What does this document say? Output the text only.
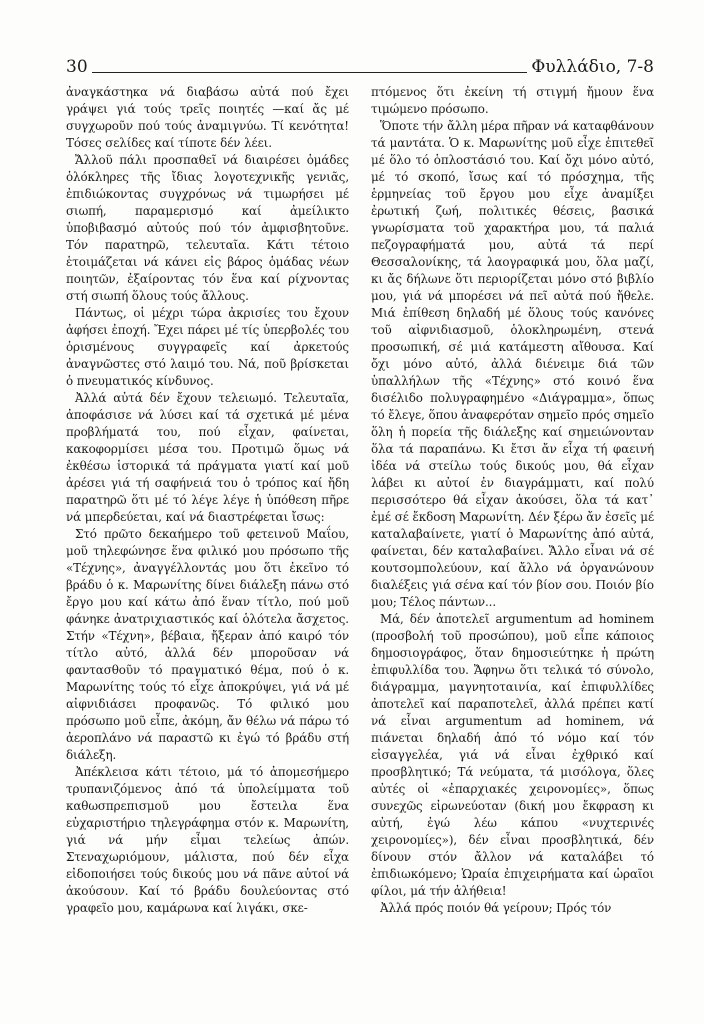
30	Φυλλάδιο, 7-8

ἀναγκάστηκα νά διαβάσω αὐτά πού ἔχει γράψει γιά τούς τρεῖς ποιητές —καί ἄς μέ συγχωροῦν πού τούς ἀναμιγνύω. Τί κενότητα! Τόσες σελίδες καί τίποτε δέν λέει.

Ἄλλοῦ πάλι προσπαθεῖ νά διαιρέσει ὁμάδες ὁλόκληρες τῆς ἴδιας λογοτεχνικῆς γενιᾶς, ἐπιδιώκοντας συγχρόνως νά τιμωρήσει μέ σιωπή, παραμερισμό καί ἀμείλικτο ὑποβιβασμό αὐτούς πού τόν ἀμφισβητοῦνε. Τόν παρατηρῶ, τελευταῖα. Κάτι τέτοιο ἑτοιμάζεται νά κάνει εἰς βάρος ὁμάδας νέων ποιητῶν, ἐξαίροντας τόν ἕνα καί ρίχνοντας στή σιωπή ὅλους τούς ἄλλους.

Πάντως, οἱ μέχρι τώρα ἀκρισίες του ἔχουν ἀφήσει ἐποχή. Ἔχει πάρει μέ τίς ὑπερβολές του ὁρισμένους συγγραφεῖς καί ἀρκετούς ἀναγνῶστες στό λαιμό του. Νά, ποῦ βρίσκεται ὁ πνευματικός κίνδυνος.

Ἀλλά αὐτά δέν ἔχουν τελειωμό. Τελευταῖα, ἀποφάσισε νά λύσει καί τά σχετικά μέ μένα προβλήματά του, πού εἶχαν, φαίνεται, κακοφορμίσει μέσα του. Προτιμῶ ὅμως νά ἐκθέσω ἱστορικά τά πράγματα γιατί καί μοῦ ἀρέσει γιά τή σαφήνειά του ὁ τρόπος καί ἤδη παρατηρῶ ὅτι μέ τό λέγε λέγε ἡ ὑπόθεση πῆρε νά μπερδεύεται, καί νά διαστρέφεται ἴσως:

Στό πρῶτο δεκαήμερο τοῦ φετεινοῦ Μαΐου, μοῦ τηλεφώνησε ἕνα φιλικό μου πρόσωπο τῆς «Τέχνης», ἀναγγέλλοντάς μου ὅτι ἐκεῖνο τό βράδυ ὁ κ. Μαρωνίτης δίνει διάλεξη πάνω στό ἔργο μου καί κάτω ἀπό ἕναν τίτλο, πού μοῦ φάνηκε ἀνατριχιαστικός καί ὁλότελα ἄσχετος. Στήν «Τέχνη», βέβαια, ἤξεραν ἀπό καιρό τόν τίτλο αὐτό, ἀλλά δέν μποροῦσαν νά φαντασθοῦν τό πραγματικό θέμα, πού ὁ κ. Μαρωνίτης τούς τό εἶχε ἀποκρύψει, γιά νά μέ αἰφνιδιάσει προφανῶς. Τό φιλικό μου πρόσωπο μοῦ εἶπε, ἀκόμη, ἄν θέλω νά πάρω τό ἀεροπλάνο νά παραστῶ κι ἐγώ τό βράδυ στή διάλεξη.

Ἀπέκλεισα κάτι τέτοιο, μά τό ἀπομεσήμερο τρυπανιζόμενος ἀπό τά ὑπολείμματα τοῦ καθωσπρεπισμοῦ μου ἔστειλα ἕνα εὐχαριστήριο τηλεγράφημα στόν κ. Μαρωνίτη, γιά νά μήν εἶμαι τελείως ἀπών. Στεναχωριόμουν, μάλιστα, πού δέν εἶχα εἰδοποιήσει τούς δικούς μου νά πᾶνε αὐτοί νά ἀκούσουν. Καί τό βράδυ δουλεύοντας στό γραφεῖο μου, καμάρωνα καί λιγάκι, σκε-

πτόμενος ὅτι ἐκείνη τή στιγμή ἤμουν ἕνα τιμώμενο πρόσωπο.

Ὅποτε τήν ἄλλη μέρα πῆραν νά καταφθάνουν τά μαντάτα. Ὁ κ. Μαρωνίτης μοῦ εἶχε ἐπιτεθεῖ μέ ὅλο τό ὁπλοστάσιό του. Καί ὄχι μόνο αὐτό, μέ τό σκοπό, ἴσως καί τό πρόσχημα, τῆς ἑρμηνείας τοῦ ἔργου μου εἶχε ἀναμίξει ἐρωτική ζωή, πολιτικές θέσεις, βασικά γνωρίσματα τοῦ χαρακτήρα μου, τά παλιά πεζογραφήματά μου, αὐτά τά περί Θεσσαλονίκης, τά λαογραφικά μου, ὅλα μαζί, κι ἄς δήλωνε ὅτι περιορίζεται μόνο στό βιβλίο μου, γιά νά μπορέσει νά πεῖ αὐτά πού ἤθελε. Μιά ἐπίθεση δηλαδή μέ ὅλους τούς κανόνες τοῦ αἰφνιδιασμοῦ, ὁλοκληρωμένη, στενά προσωπική, σέ μιά κατάμεστη αἴθουσα. Καί ὄχι μόνο αὐτό, ἀλλά διένειμε διά τῶν ὑπαλλήλων τῆς «Τέχνης» στό κοινό ἕνα δισέλιδο πολυγραφημένο «Διάγραμμα», ὅπως τό ἔλεγε, ὅπου ἀναφερόταν σημεῖο πρός σημεῖο ὅλη ἡ πορεία τῆς διάλεξης καί σημειώνονταν ὅλα τά παραπάνω. Κι ἔτσι ἄν εἶχα τή φαεινή ἰδέα νά στείλω τούς δικούς μου, θά εἶχαν λάβει κι αὐτοί ἐν διαγράμματι, καί πολύ περισσότερο θά εἶχαν ἀκούσει, ὅλα τά κατ᾽ ἐμέ σέ ἔκδοση Μαρωνίτη. Δέν ξέρω ἄν ἐσεῖς μέ καταλαβαίνετε, γιατί ὁ Μαρωνίτης ἀπό αὐτά, φαίνεται, δέν καταλαβαίνει. Ἄλλο εἶναι νά σέ κουτσομπολεύουν, καί ἄλλο νά ὀργανώνουν διαλέξεις γιά σένα καί τόν βίον σου. Ποιόν βίο μου; Τέλος πάντων...

Μά, δέν ἀποτελεῖ argumentum ad hominem (προσβολή τοῦ προσώπου), μοῦ εἶπε κάποιος δημοσιογράφος, ὅταν δημοσιεύτηκε ἡ πρώτη ἐπιφυλλίδα του. Ἄφηνω ὅτι τελικά τό σύνολο, διάγραμμα, μαγνητοταινία, καί ἐπιφυλλίδες ἀποτελεῖ καί παραποτελεῖ, ἀλλά πρέπει κατί νά εἶναι argumentum ad hominem, νά πιάνεται δηλαδή ἀπό τό νόμο καί τόν εἰσαγγελέα, γιά νά εἶναι ἐχθρικό καί προσβλητικό; Τά νεύματα, τά μισόλογα, ὅλες αὐτές οἱ «ἐπαρχιακές χειρονομίες», ὅπως συνεχῶς εἰρωνεύοταν (δική μου ἔκφραση κι αὐτή, ἐγώ λέω κάπου «νυχτερινές χειρονομίες»), δέν εἶναι προσβλητικά, δέν δίνουν στόν ἄλλον νά καταλάβει τό ἐπιδιωκόμενο; Ὡραία ἐπιχειρήματα καί ὡραῖοι φίλοι, μά τήν ἀλήθεια!

Ἀλλά πρός ποιόν θά γείρουν; Πρός τόν
